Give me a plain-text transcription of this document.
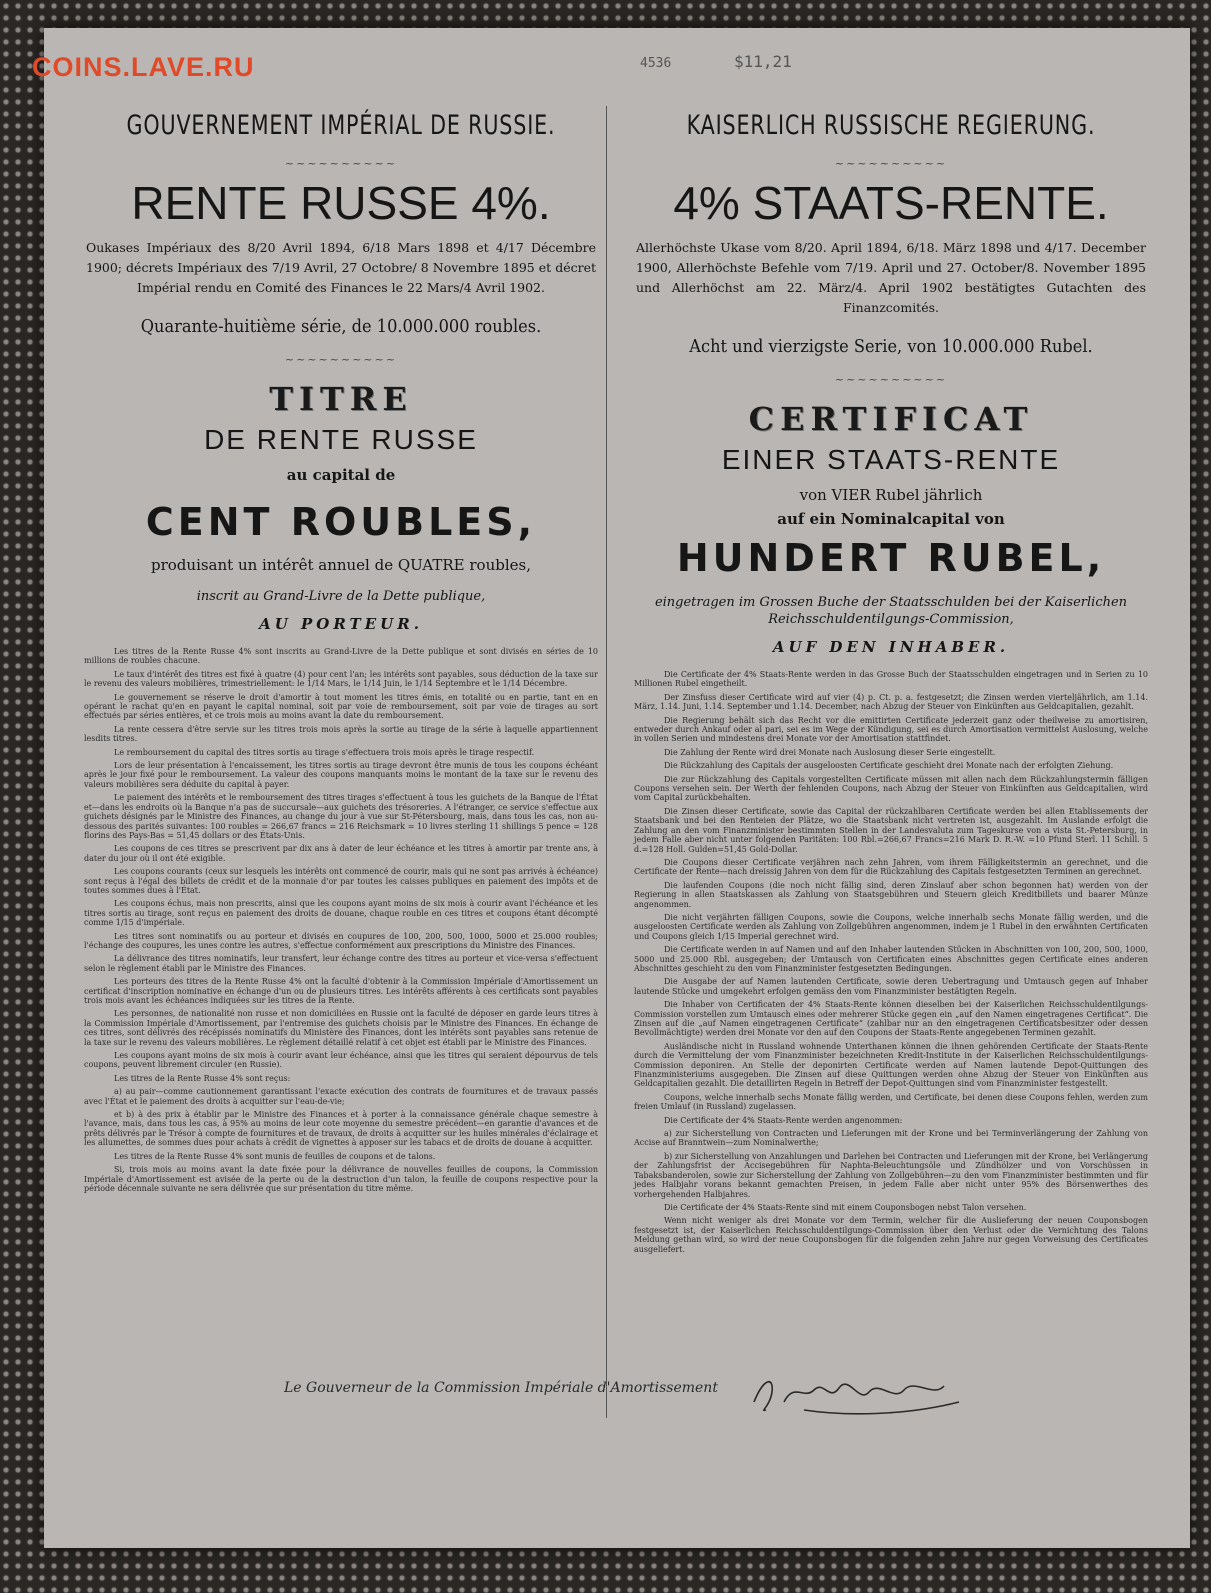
COINS.LAVE.RU	4536	$11,21
GOUVERNEMENT IMPÉRIAL DE RUSSIE.
~~~~~~~~~~
RENTE RUSSE 4%.
Oukases Impériaux des 8/20 Avril 1894, 6/18 Mars 1898 et 4/17 Décembre 1900; décrets Impériaux des 7/19 Avril, 27 Octobre/ 8 Novembre 1895 et décret Impérial rendu en Comité des Finances le 22 Mars/4 Avril 1902.
Quarante-huitième série, de 10.000.000 roubles.
~~~~~~~~~~
TITRE
DE RENTE RUSSE
au capital de
CENT ROUBLES,
produisant un intérêt annuel de QUATRE roubles,
inscrit au Grand-Livre de la Dette publique,
AU PORTEUR.

Les titres de la Rente Russe 4% sont inscrits au Grand-Livre de la Dette publique et sont divisés en séries de 10 millions de roubles chacune.

Le taux d'intérêt des titres est fixé à quatre (4) pour cent l'an; les intérêts sont payables, sous déduction de la taxe sur le revenu des valeurs mobilières, trimestriellement: le 1/14 Mars, le 1/14 Juin, le 1/14 Septembre et le 1/14 Décembre.

Le gouvernement se réserve le droit d'amortir à tout moment les titres émis, en totalité ou en partie, tant en en opérant le rachat qu'en en payant le capital nominal, soit par voie de remboursement, soit par voie de tirages au sort effectués par séries entières, et ce trois mois au moins avant la date du remboursement.

La rente cessera d'être servie sur les titres trois mois après la sortie au tirage de la série à laquelle appartiennent lesdits titres.

Le remboursement du capital des titres sortis au tirage s'effectuera trois mois après le tirage respectif.

Lors de leur présentation à l'encaissement, les titres sortis au tirage devront être munis de tous les coupons échéant après le jour fixé pour le remboursement. La valeur des coupons manquants moins le montant de la taxe sur le revenu des valeurs mobilières sera déduite du capital à payer.

Le paiement des intérêts et le remboursement des titres tirages s'effectuent à tous les guichets de la Banque de l'État et—dans les endroits où la Banque n'a pas de succursale—aux guichets des trésoreries. A l'étranger, ce service s'effectue aux guichets désignés par le Ministre des Finances, au change du jour à vue sur St-Pétersbourg, mais, dans tous les cas, non au-dessous des parités suivantes: 100 roubles = 266,67 francs = 216 Reichsmark = 10 livres sterling 11 shillings 5 pence = 128 florins des Pays-Bas = 51,45 dollars or des États-Unis.

Les coupons de ces titres se prescrivent par dix ans à dater de leur échéance et les titres à amortir par trente ans, à dater du jour où il ont été exigible.

Les coupons courants (ceux sur lesquels les intérêts ont commencé de courir, mais qui ne sont pas arrivés à échéance) sont reçus à l'égal des billets de crédit et de la monnaie d'or par toutes les caisses publiques en paiement des impôts et de toutes sommes dues à l'État.

Les coupons échus, mais non prescrits, ainsi que les coupons ayant moins de six mois à courir avant l'échéance et les titres sortis au tirage, sont reçus en paiement des droits de douane, chaque rouble en ces titres et coupons étant décompté comme 1/15 d'impériale.

Les titres sont nominatifs ou au porteur et divisés en coupures de 100, 200, 500, 1000, 5000 et 25.000 roubles; l'échange des coupures, les unes contre les autres, s'effectue conformément aux prescriptions du Ministre des Finances.

La délivrance des titres nominatifs, leur transfert, leur échange contre des titres au porteur et vice-versa s'effectuent selon le règlement établi par le Ministre des Finances.

Les porteurs des titres de la Rente Russe 4% ont la faculté d'obtenir à la Commission Impériale d'Amortissement un certificat d'inscription nominative en échange d'un ou de plusieurs titres. Les intérêts afférents à ces certificats sont payables trois mois avant les échéances indiquées sur les titres de la Rente.

Les personnes, de nationalité non russe et non domiciliées en Russie ont la faculté de déposer en garde leurs titres à la Commission Impériale d'Amortissement, par l'entremise des guichets choisis par le Ministre des Finances. En échange de ces titres, sont délivrés des récépissés nominatifs du Ministère des Finances, dont les intérêts sont payables sans retenue de la taxe sur le revenu des valeurs mobilières. Le règlement détaillé relatif à cet objet est établi par le Ministre des Finances.

Les coupons ayant moins de six mois à courir avant leur échéance, ainsi que les titres qui seraient dépourvus de tels coupons, peuvent librement circuler (en Russie).

Les titres de la Rente Russe 4% sont reçus:

a) au pair—comme cautionnement garantissant l'exacte exécution des contrats de fournitures et de travaux passés avec l'État et le paiement des droits à acquitter sur l'eau-de-vie;

et b) à des prix à établir par le Ministre des Finances et à porter à la connaissance générale chaque semestre à l'avance, mais, dans tous les cas, à 95% au moins de leur cote moyenne du semestre précédent—en garantie d'avances et de prêts délivrés par le Trésor à compte de fournitures et de travaux, de droits à acquitter sur les huiles minérales d'éclairage et les allumettes, de sommes dues pour achats à crédit de vignettes à apposer sur les tabacs et de droits de douane à acquitter.

Les titres de la Rente Russe 4% sont munis de feuilles de coupons et de talons.

Si, trois mois au moins avant la date fixée pour la délivrance de nouvelles feuilles de coupons, la Commission Impériale d'Amortissement est avisée de la perte ou de la destruction d'un talon, la feuille de coupons respective pour la période décennale suivante ne sera délivrée que sur présentation du titre même.

KAISERLICH RUSSISCHE REGIERUNG.
~~~~~~~~~~
4% STAATS-RENTE.
Allerhöchste Ukase vom 8/20. April 1894, 6/18. März 1898 und 4/17. December 1900, Allerhöchste Befehle vom 7/19. April und 27. October/8. November 1895 und Allerhöchst am 22. März/4. April 1902 bestätigtes Gutachten des Finanzcomités.
Acht und vierzigste Serie, von 10.000.000 Rubel.
~~~~~~~~~~
CERTIFICAT
EINER STAATS-RENTE
von VIER Rubel jährlich
auf ein Nominalcapital von
HUNDERT RUBEL,
eingetragen im Grossen Buche der Staatsschulden bei der Kaiserlichen Reichsschuldentilgungs-Commission,
AUF DEN INHABER.

Die Certificate der 4% Staats-Rente werden in das Grosse Buch der Staatsschulden eingetragen und in Serien zu 10 Millionen Rubel eingetheilt.

Der Zinsfuss dieser Certificate wird auf vier (4) p. Ct. p. a. festgesetzt; die Zinsen werden vierteljährlich, am 1.14. März, 1.14. Juni, 1.14. September und 1.14. December, nach Abzug der Steuer von Einkünften aus Geldcapitalien, gezahlt.

Die Regierung behält sich das Recht vor die emittirten Certificate jederzeit ganz oder theilweise zu amortisiren, entweder durch Ankauf oder al pari, sei es im Wege der Kündigung, sei es durch Amortisation vermittelst Auslosung, welche in vollen Serien und mindestens drei Monate vor der Amortisation stattfindet.

Die Zahlung der Rente wird drei Monate nach Auslosung dieser Serie eingestellt.

Die Rückzahlung des Capitals der ausgeloosten Certificate geschieht drei Monate nach der erfolgten Ziehung.

Die zur Rückzahlung des Capitals vorgestellten Certificate müssen mit allen nach dem Rückzahlungstermin fälligen Coupons versehen sein. Der Werth der fehlenden Coupons, nach Abzug der Steuer von Einkünften aus Geldcapitalien, wird vom Capital zurückbehalten.

Die Zinsen dieser Certificate, sowie das Capital der rückzahlbaren Certificate werden bei allen Etablissements der Staatsbank und bei den Renteien der Plätze, wo die Staatsbank nicht vertreten ist, ausgezahlt. Im Auslande erfolgt die Zahlung an den vom Finanzminister bestimmten Stellen in der Landesvaluta zum Tageskurse von a vista St.-Petersburg, in jedem Falle aber nicht unter folgenden Paritäten: 100 Rbl.=266,67 Francs=216 Mark D. R.-W. =10 Pfund Sterl. 11 Schill. 5 d.=128 Holl. Gulden=51,45 Gold-Dollar.

Die Coupons dieser Certificate verjähren nach zehn Jahren, vom ihrem Fälligkeitstermin an gerechnet, und die Certificate der Rente—nach dreissig Jahren von dem für die Rückzahlung des Capitals festgesetzten Terminen an gerechnet.

Die laufenden Coupons (die noch nicht fällig sind, deren Zinslauf aber schon begonnen hat) werden von der Regierung in allen Staatskassen als Zahlung von Staatsgebühren und Steuern gleich Kreditbillets und baarer Münze angenommen.

Die nicht verjährten fälligen Coupons, sowie die Coupons, welche innerhalb sechs Monate fällig werden, und die ausgeloosten Certificate werden als Zahlung von Zollgebühren angenommen, indem je 1 Rubel in den erwähnten Certificaten und Coupons gleich 1/15 Imperial gerechnet wird.

Die Certificate werden in auf Namen und auf den Inhaber lautenden Stücken in Abschnitten von 100, 200, 500, 1000, 5000 und 25.000 Rbl. ausgegeben; der Umtausch von Certificaten eines Abschnittes gegen Certificate eines anderen Abschnittes geschieht zu den vom Finanzminister festgesetzten Bedingungen.

Die Ausgabe der auf Namen lautenden Certificate, sowie deren Uebertragung und Umtausch gegen auf Inhaber lautende Stücke und umgekehrt erfolgen gemäss den vom Finanzminister bestätigten Regeln.

Die Inhaber von Certificaten der 4% Staats-Rente können dieselben bei der Kaiserlichen Reichsschuldentilgungs-Commission vorstellen zum Umtausch eines oder mehrerer Stücke gegen ein „auf den Namen eingetragenes Certificat“. Die Zinsen auf die „auf Namen eingetragenen Certificate“ (zahlbar nur an den eingetragenen Certificatsbesitzer oder dessen Bevollmächtigte) werden drei Monate vor den auf den Coupons der Staats-Rente angegebenen Terminen gezahlt.

Ausländische nicht in Russland wohnende Unterthanen können die ihnen gehörenden Certificate der Staats-Rente durch die Vermittelung der vom Finanzminister bezeichneten Kredit-Institute in der Kaiserlichen Reichsschuldentilgungs-Commission deponiren. An Stelle der deponirten Certificate werden auf Namen lautende Depot-Quittungen des Finanzministeriums ausgegeben. Die Zinsen auf diese Quittungen werden ohne Abzug der Steuer von Einkünften aus Geldcapitalien gezahlt. Die detaillirten Regeln in Betreff der Depot-Quittungen sind vom Finanzminister festgestellt.

Coupons, welche innerhalb sechs Monate fällig werden, und Certificate, bei denen diese Coupons fehlen, werden zum freien Umlauf (in Russland) zugelassen.

Die Certificate der 4% Staats-Rente werden angenommen:

a) zur Sicherstellung von Contracten und Lieferungen mit der Krone und bei Terminverlängerung der Zahlung von Accise auf Branntwein—zum Nominalwerthe;

b) zur Sicherstellung von Anzahlungen und Darlehen bei Contracten und Lieferungen mit der Krone, bei Verlängerung der Zahlungsfrist der Accisegebühren für Naphta-Beleuchtungsöle und Zündhölzer und von Vorschüssen in Tabaksbanderolen, sowie zur Sicherstellung der Zahlung von Zollgebühren—zu den vom Finanzminister bestimmten und für jedes Halbjahr vorans bekannt gemachten Preisen, in jedem Falle aber nicht unter 95% des Börsenwerthes des vorhergehenden Halbjahres.

Die Certificate der 4% Staats-Rente sind mit einem Couponsbogen nebst Talon versehen.

Wenn nicht weniger als drei Monate vor dem Termin, welcher für die Auslieferung der neuen Couponsbogen festgesetzt ist, der Kaiserlichen Reichsschuldentilgungs-Commission über den Verlust oder die Vernichtung des Talons Meldung gethan wird, so wird der neue Couponsbogen für die folgenden zehn Jahre nur gegen Vorweisung des Certificates ausgeliefert.

Le Gouverneur de la Commission Impériale d'Amortissement
